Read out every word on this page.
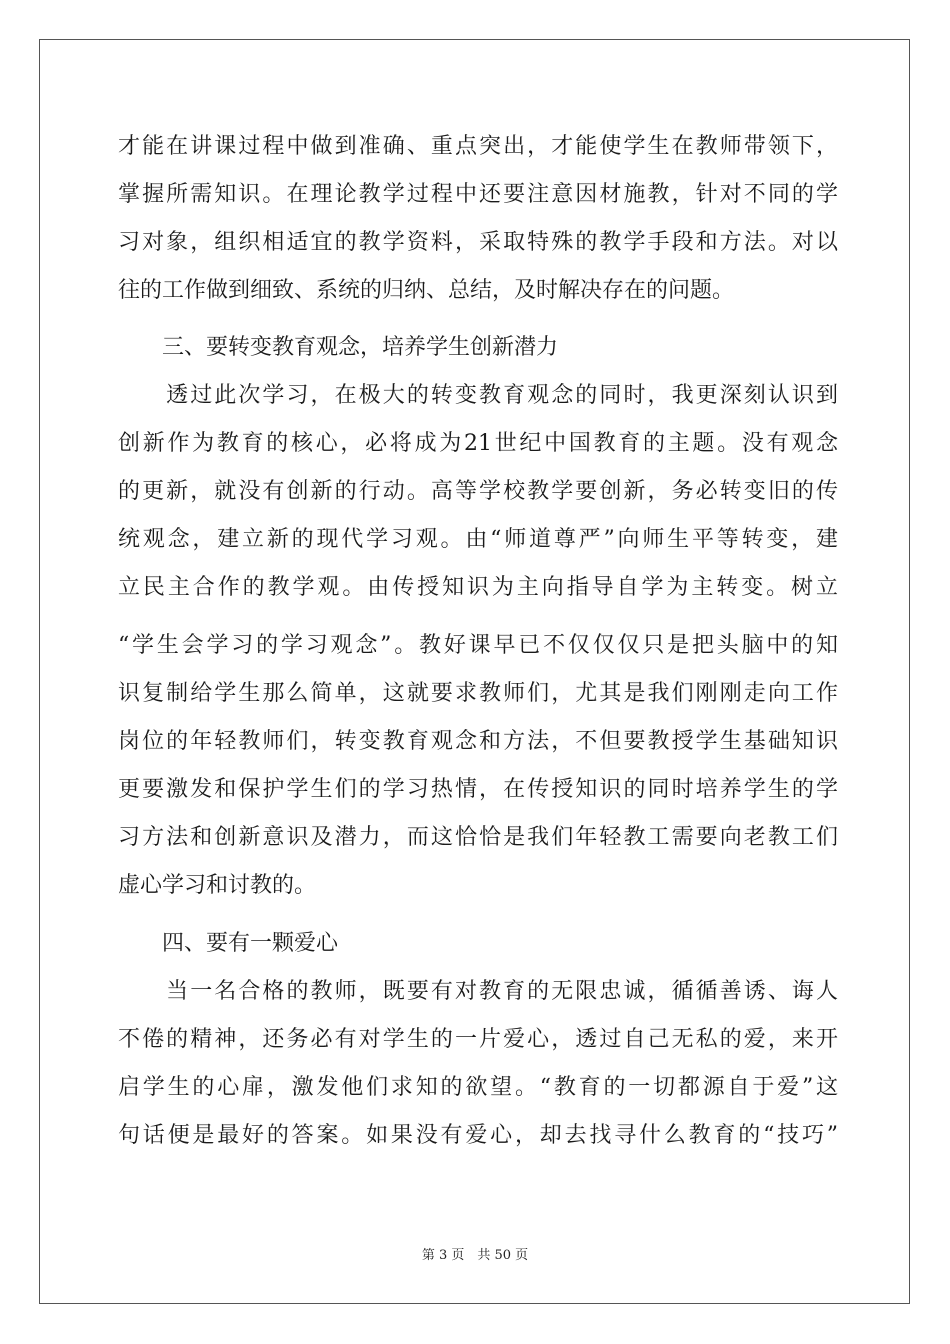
才能在讲课过程中做到准确、重点突出，才能使学生在教师带领下，
掌握所需知识。在理论教学过程中还要注意因材施教，针对不同的学
习对象，组织相适宜的教学资料，采取特殊的教学手段和方法。对以
往的工作做到细致、系统的归纳、总结，及时解决存在的问题。
　　三、要转变教育观念，培养学生创新潜力
　　透过此次学习，在极大的转变教育观念的同时，我更深刻认识到
创新作为教育的核心，必将成为21世纪中国教育的主题。没有观念
的更新，就没有创新的行动。高等学校教学要创新，务必转变旧的传
统观念，建立新的现代学习观。由“师道尊严”向师生平等转变，建
立民主合作的教学观。由传授知识为主向指导自学为主转变。树立
“学生会学习的学习观念”。教好课早已不仅仅仅只是把头脑中的知
识复制给学生那么简单，这就要求教师们，尤其是我们刚刚走向工作
岗位的年轻教师们，转变教育观念和方法，不但要教授学生基础知识
更要激发和保护学生们的学习热情，在传授知识的同时培养学生的学
习方法和创新意识及潜力，而这恰恰是我们年轻教工需要向老教工们
虚心学习和讨教的。
　　四、要有一颗爱心
　　当一名合格的教师，既要有对教育的无限忠诚，循循善诱、诲人
不倦的精神，还务必有对学生的一片爱心，透过自己无私的爱，来开
启学生的心扉，激发他们求知的欲望。“教育的一切都源自于爱”这
句话便是最好的答案。如果没有爱心，却去找寻什么教育的“技巧”
第 3 页　共 50 页
